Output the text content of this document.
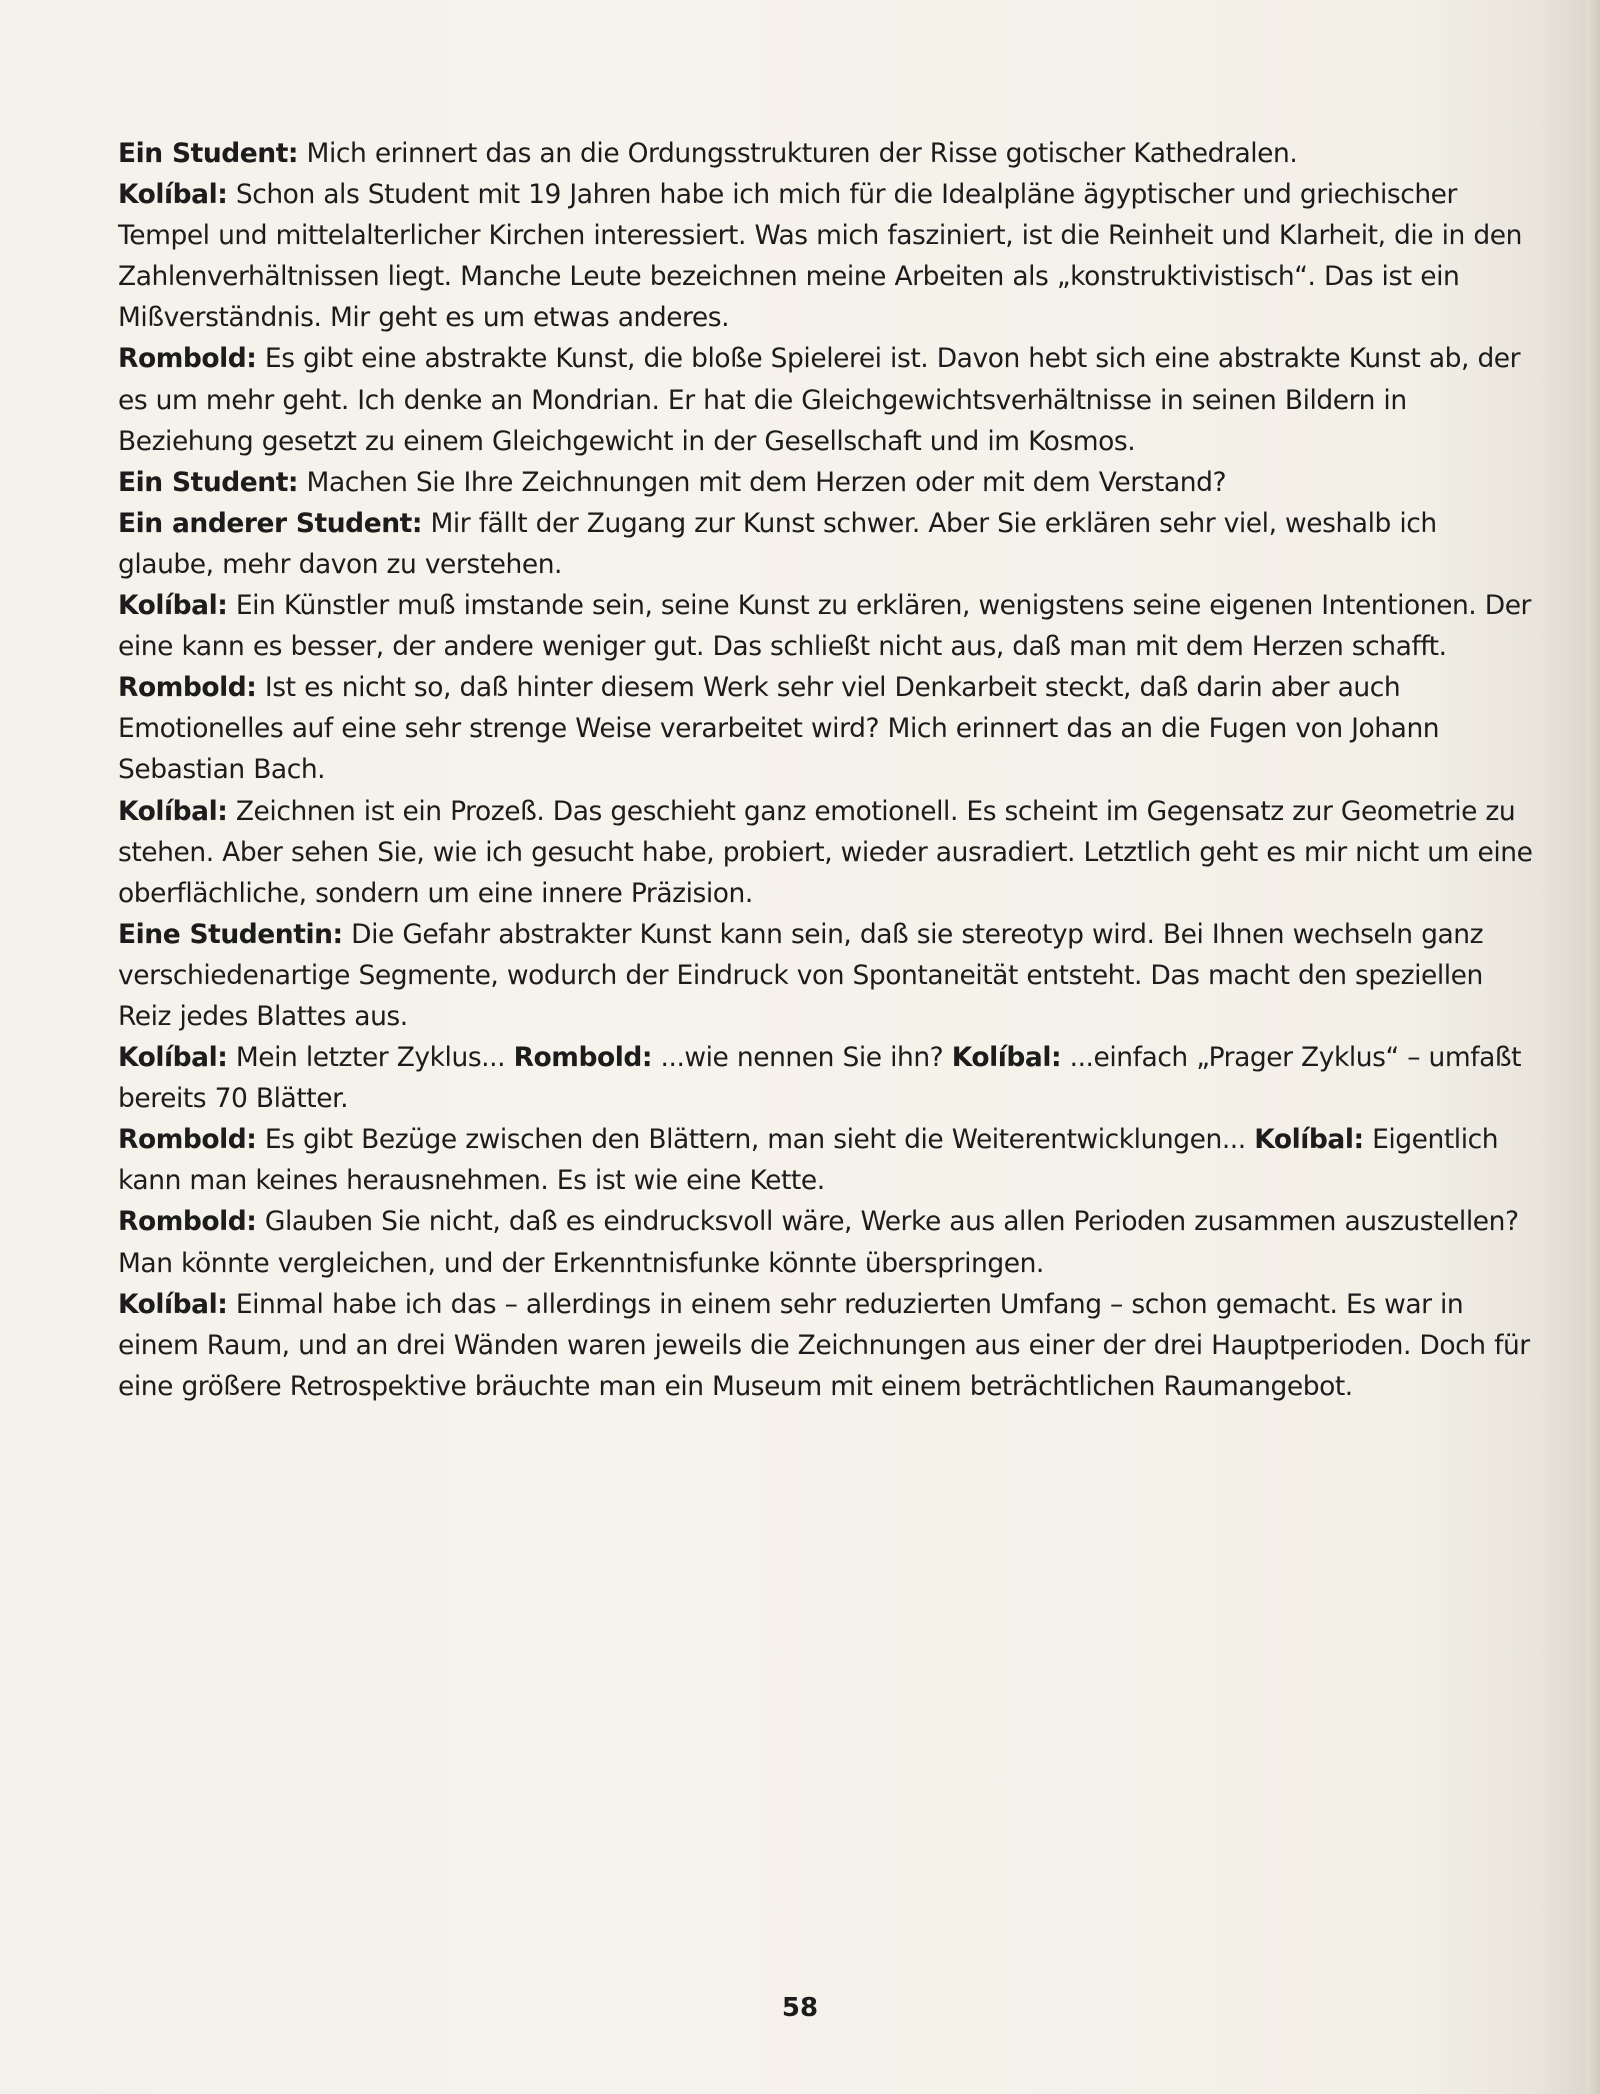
Ein Student: Mich erinnert das an die Ordungsstrukturen der Risse gotischer Kathedralen.

Kolíbal: Schon als Student mit 19 Jahren habe ich mich für die Idealpläne ägyptischer und griechischer Tempel und mittelalterlicher Kirchen interessiert. Was mich fasziniert, ist die Reinheit und Klarheit, die in den Zahlenverhältnissen liegt. Manche Leute bezeichnen meine Arbeiten als „konstruktivistisch“. Das ist ein Mißverständnis. Mir geht es um etwas anderes.

Rombold: Es gibt eine abstrakte Kunst, die bloße Spielerei ist. Davon hebt sich eine abstrakte Kunst ab, der es um mehr geht. Ich denke an Mondrian. Er hat die Gleichgewichtsverhältnisse in seinen Bildern in Beziehung gesetzt zu einem Gleichgewicht in der Gesellschaft und im Kosmos.

Ein Student: Machen Sie Ihre Zeichnungen mit dem Herzen oder mit dem Verstand?

Ein anderer Student: Mir fällt der Zugang zur Kunst schwer. Aber Sie erklären sehr viel, weshalb ich glaube, mehr davon zu verstehen.

Kolíbal: Ein Künstler muß imstande sein, seine Kunst zu erklären, wenigstens seine eigenen Intentionen. Der eine kann es besser, der andere weniger gut. Das schließt nicht aus, daß man mit dem Herzen schafft.

Rombold: Ist es nicht so, daß hinter diesem Werk sehr viel Denkarbeit steckt, daß darin aber auch Emotionelles auf eine sehr strenge Weise verarbeitet wird? Mich erinnert das an die Fugen von Johann Sebastian Bach.

Kolíbal: Zeichnen ist ein Prozeß. Das geschieht ganz emotionell. Es scheint im Gegensatz zur Geometrie zu stehen. Aber sehen Sie, wie ich gesucht habe, probiert, wieder ausradiert. Letztlich geht es mir nicht um eine oberflächliche, sondern um eine innere Präzision.

Eine Studentin: Die Gefahr abstrakter Kunst kann sein, daß sie stereotyp wird. Bei Ihnen wechseln ganz verschiedenartige Segmente, wodurch der Eindruck von Spontaneität entsteht. Das macht den speziellen Reiz jedes Blattes aus.

Kolíbal: Mein letzter Zyklus... Rombold: ...wie nennen Sie ihn? Kolíbal: ...einfach „Prager Zyklus“ – umfaßt bereits 70 Blätter.

Rombold: Es gibt Bezüge zwischen den Blättern, man sieht die Weiterentwicklungen... Kolíbal: Eigentlich kann man keines herausnehmen. Es ist wie eine Kette.

Rombold: Glauben Sie nicht, daß es eindrucksvoll wäre, Werke aus allen Perioden zusammen auszustellen? Man könnte vergleichen, und der Erkenntnisfunke könnte überspringen.

Kolíbal: Einmal habe ich das – allerdings in einem sehr reduzierten Umfang – schon gemacht. Es war in einem Raum, und an drei Wänden waren jeweils die Zeichnungen aus einer der drei Hauptperioden. Doch für eine größere Retrospektive bräuchte man ein Museum mit einem beträchtlichen Raumangebot.

58
